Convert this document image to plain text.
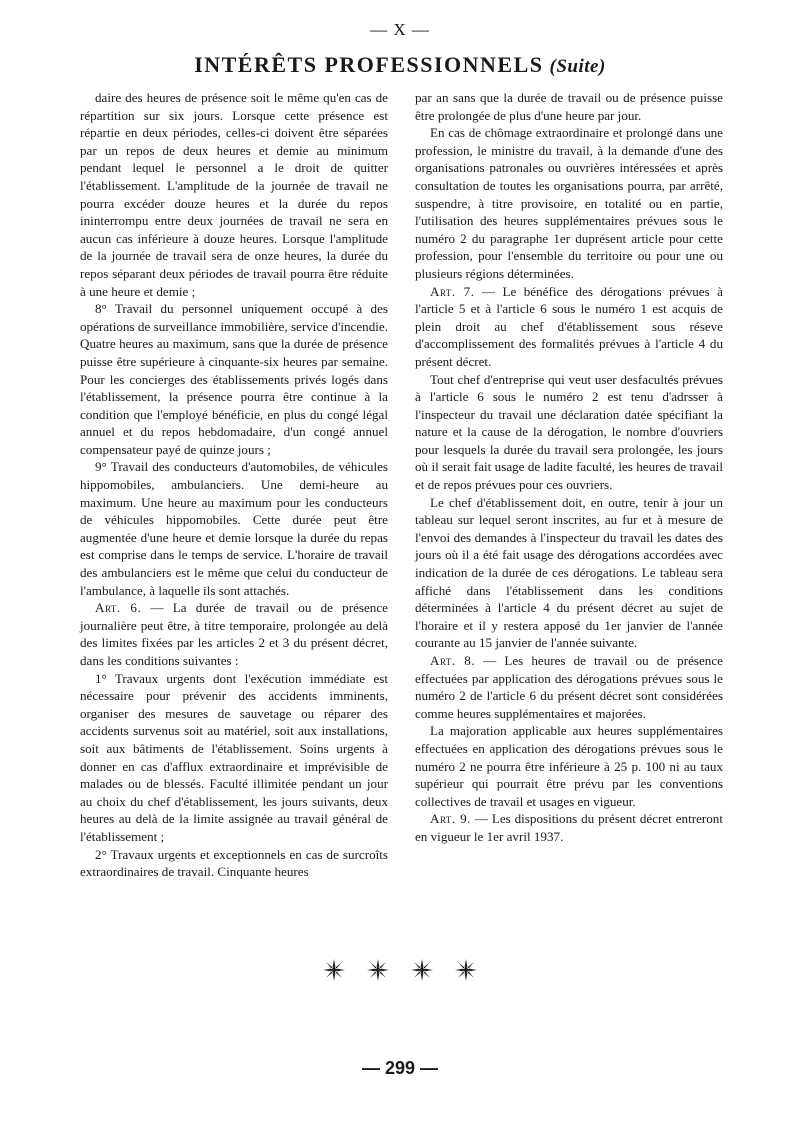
— X —
INTÉRÊTS PROFESSIONNELS (Suite)

daire des heures de présence soit le même qu'en cas de répartition sur six jours. Lorsque cette présence est répartie en deux périodes, celles-ci doivent être séparées par un repos de deux heures et demie au minimum pendant lequel le personnel a le droit de quitter l'établissement. L'amplitude de la journée de travail ne pourra excéder douze heures et la durée du repos ininterrompu entre deux journées de travail ne sera en aucun cas inférieure à douze heures. Lorsque l'amplitude de la journée de travail sera de onze heures, la durée du repos séparant deux périodes de travail pourra être réduite à une heure et demie ;

8° Travail du personnel uniquement occupé à des opérations de surveillance immobilière, service d'incendie. Quatre heures au maximum, sans que la durée de présence puisse être supérieure à cinquante-six heures par semaine. Pour les concierges des établissements privés logés dans l'établissement, la présence pourra être continue à la condition que l'employé bénéficie, en plus du congé légal annuel et du repos hebdomadaire, d'un congé annuel compensateur payé de quinze jours ;

9° Travail des conducteurs d'automobiles, de véhicules hippomobiles, ambulanciers. Une demi-heure au maximum. Une heure au maximum pour les conducteurs de véhicules hippomobiles. Cette durée peut être augmentée d'une heure et demie lorsque la durée du repas est comprise dans le temps de service. L'horaire de travail des ambulanciers est le même que celui du conducteur de l'ambulance, à laquelle ils sont attachés.

Art. 6. — La durée de travail ou de présence journalière peut être, à titre temporaire, prolongée au delà des limites fixées par les articles 2 et 3 du présent décret, dans les conditions suivantes :

1° Travaux urgents dont l'exécution immédiate est nécessaire pour prévenir des accidents imminents, organiser des mesures de sauvetage ou réparer des accidents survenus soit au matériel, soit aux installations, soit aux bâtiments de l'établissement. Soins urgents à donner en cas d'afflux extraordinaire et imprévisible de malades ou de blessés. Faculté illimitée pendant un jour au choix du chef d'établissement, les jours suivants, deux heures au delà de la limite assignée au travail général de l'établissement ;

2° Travaux urgents et exceptionnels en cas de surcroîts extraordinaires de travail. Cinquante heures

par an sans que la durée de travail ou de présence puisse être prolongée de plus d'une heure par jour.

En cas de chômage extraordinaire et prolongé dans une profession, le ministre du travail, à la demande d'une des organisations patronales ou ouvrières intéressées et après consultation de toutes les organisations pourra, par arrêté, suspendre, à titre provisoire, en totalité ou en partie, l'utilisation des heures supplémentaires prévues sous le numéro 2 du paragraphe 1er duprésent article pour cette profession, pour l'ensemble du territoire ou pour une ou plusieurs régions déterminées.

Art. 7. — Le bénéfice des dérogations prévues à l'article 5 et à l'article 6 sous le numéro 1 est acquis de plein droit au chef d'établissement sous réseve d'accomplissement des formalités prévues à l'article 4 du présent décret.

Tout chef d'entreprise qui veut user desfacultés prévues à l'article 6 sous le numéro 2 est tenu d'adrsser à l'inspecteur du travail une déclaration datée spécifiant la nature et la cause de la dérogation, le nombre d'ouvriers pour lesquels la durée du travail sera prolongée, les jours où il serait fait usage de ladite faculté, les heures de travail et de repos prévues pour ces ouvriers.

Le chef d'établissement doit, en outre, tenir à jour un tableau sur lequel seront inscrites, au fur et à mesure de l'envoi des demandes à l'inspecteur du travail les dates des jours où il a été fait usage des dérogations accordées avec indication de la durée de ces dérogations. Le tableau sera affiché dans l'établissement dans les conditions déterminées à l'article 4 du présent décret au sujet de l'horaire et il y restera apposé du 1er janvier de l'année courante au 15 janvier de l'année suivante.

Art. 8. — Les heures de travail ou de présence effectuées par application des dérogations prévues sous le numéro 2 de l'article 6 du présent décret sont considérées comme heures supplémentaires et majorées.

La majoration applicable aux heures supplémentaires effectuées en application des dérogations prévues sous le numéro 2 ne pourra être inférieure à 25 p. 100 ni au taux supérieur qui pourrait être prévu par les conventions collectives de travail et usages en vigueur.

Art. 9. — Les dispositions du présent décret entreront en vigueur le 1er avril 1937.

— 299 —
